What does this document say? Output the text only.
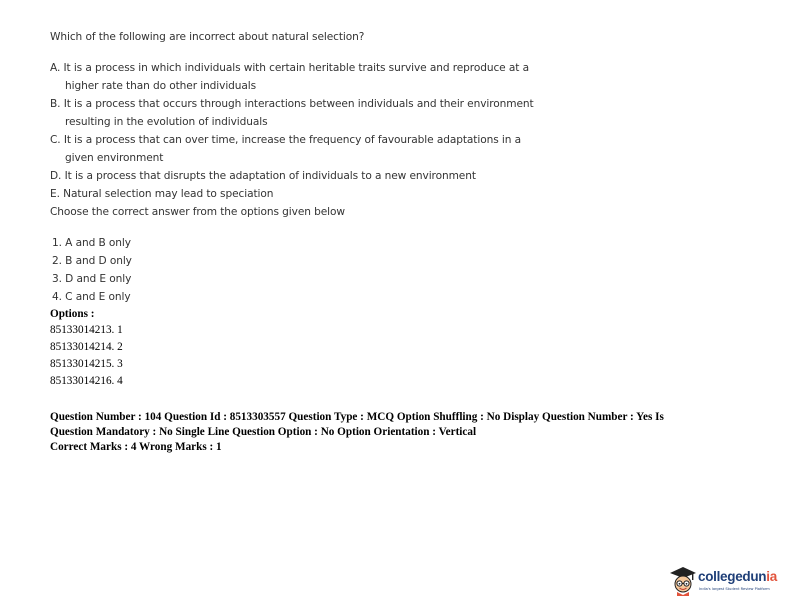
Which of the following are incorrect about natural selection?

A. It is a process in which individuals with certain heritable traits survive and reproduce at a

higher rate than do other individuals

B. It is a process that occurs through interactions between individuals and their environment

resulting in the evolution of individuals

C. It is a process that can over time, increase the frequency of favourable adaptations in a

given environment

D. It is a process that disrupts the adaptation of individuals to a new environment

E. Natural selection may lead to speciation

Choose the correct answer from the options given below

1. A and B only

2. B and D only

3. D and E only

4. C and E only

Options :

85133014213. 1

85133014214. 2

85133014215. 3

85133014216. 4

Question Number : 104 Question Id : 8513303557 Question Type : MCQ Option Shuffling : No Display Question Number : Yes Is

Question Mandatory : No Single Line Question Option : No Option Orientation : Vertical

Correct Marks : 4 Wrong Marks : 1

collegedunia
India's largest Student Review Platform
